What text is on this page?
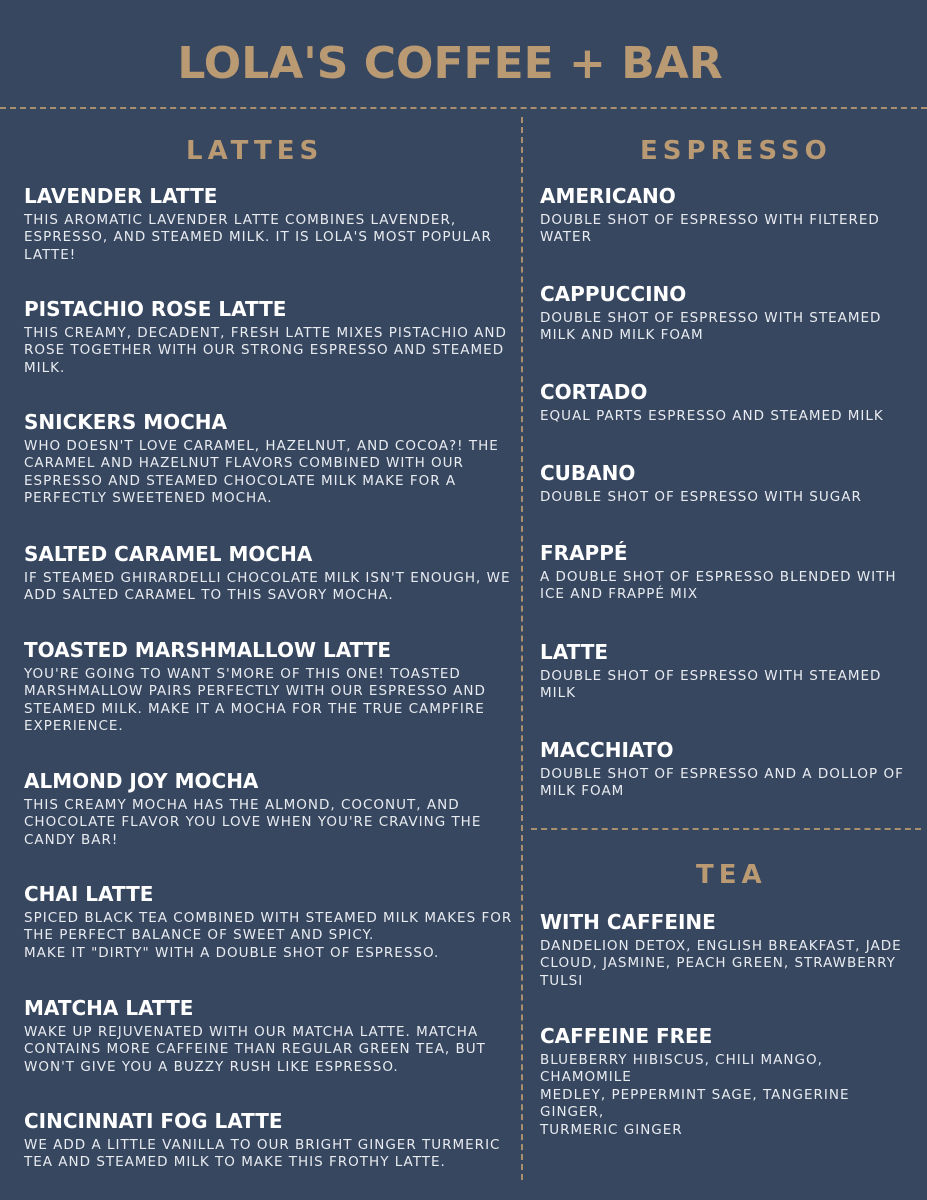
LOLA'S COFFEE + BAR
LATTES
LAVENDER LATTE
THIS AROMATIC LAVENDER LATTE COMBINES LAVENDER,
ESPRESSO, AND STEAMED MILK. IT IS LOLA'S MOST POPULAR
LATTE!
PISTACHIO ROSE LATTE
THIS CREAMY, DECADENT, FRESH LATTE MIXES PISTACHIO AND
ROSE TOGETHER WITH OUR STRONG ESPRESSO AND STEAMED
MILK.
SNICKERS MOCHA
WHO DOESN'T LOVE CARAMEL, HAZELNUT, AND COCOA?! THE
CARAMEL AND HAZELNUT FLAVORS COMBINED WITH OUR
ESPRESSO AND STEAMED CHOCOLATE MILK MAKE FOR A
PERFECTLY SWEETENED MOCHA.
SALTED CARAMEL MOCHA
IF STEAMED GHIRARDELLI CHOCOLATE MILK ISN'T ENOUGH, WE
ADD SALTED CARAMEL TO THIS SAVORY MOCHA.
TOASTED MARSHMALLOW LATTE
YOU'RE GOING TO WANT S'MORE OF THIS ONE! TOASTED
MARSHMALLOW PAIRS PERFECTLY WITH OUR ESPRESSO AND
STEAMED MILK. MAKE IT A MOCHA FOR THE TRUE CAMPFIRE
EXPERIENCE.
ALMOND JOY MOCHA
THIS CREAMY MOCHA HAS THE ALMOND, COCONUT, AND
CHOCOLATE FLAVOR YOU LOVE WHEN YOU'RE CRAVING THE
CANDY BAR!
CHAI LATTE
SPICED BLACK TEA COMBINED WITH STEAMED MILK MAKES FOR
THE PERFECT BALANCE OF SWEET AND SPICY.
MAKE IT "DIRTY" WITH A DOUBLE SHOT OF ESPRESSO.
MATCHA LATTE
WAKE UP REJUVENATED WITH OUR MATCHA LATTE. MATCHA
CONTAINS MORE CAFFEINE THAN REGULAR GREEN TEA, BUT
WON'T GIVE YOU A BUZZY RUSH LIKE ESPRESSO.
CINCINNATI FOG LATTE
WE ADD A LITTLE VANILLA TO OUR BRIGHT GINGER TURMERIC
TEA AND STEAMED MILK TO MAKE THIS FROTHY LATTE.
ESPRESSO
AMERICANO
DOUBLE SHOT OF ESPRESSO WITH FILTERED
WATER
CAPPUCCINO
DOUBLE SHOT OF ESPRESSO WITH STEAMED
MILK AND MILK FOAM
CORTADO
EQUAL PARTS ESPRESSO AND STEAMED MILK
CUBANO
DOUBLE SHOT OF ESPRESSO WITH SUGAR
FRAPPÉ
A DOUBLE SHOT OF ESPRESSO BLENDED WITH
ICE AND FRAPPÉ MIX
LATTE
DOUBLE SHOT OF ESPRESSO WITH STEAMED
MILK
MACCHIATO
DOUBLE SHOT OF ESPRESSO AND A DOLLOP OF
MILK FOAM
TEA
WITH CAFFEINE
DANDELION DETOX, ENGLISH BREAKFAST, JADE
CLOUD, JASMINE, PEACH GREEN, STRAWBERRY
TULSI
CAFFEINE FREE
BLUEBERRY HIBISCUS, CHILI MANGO, CHAMOMILE
MEDLEY, PEPPERMINT SAGE, TANGERINE GINGER,
TURMERIC GINGER
